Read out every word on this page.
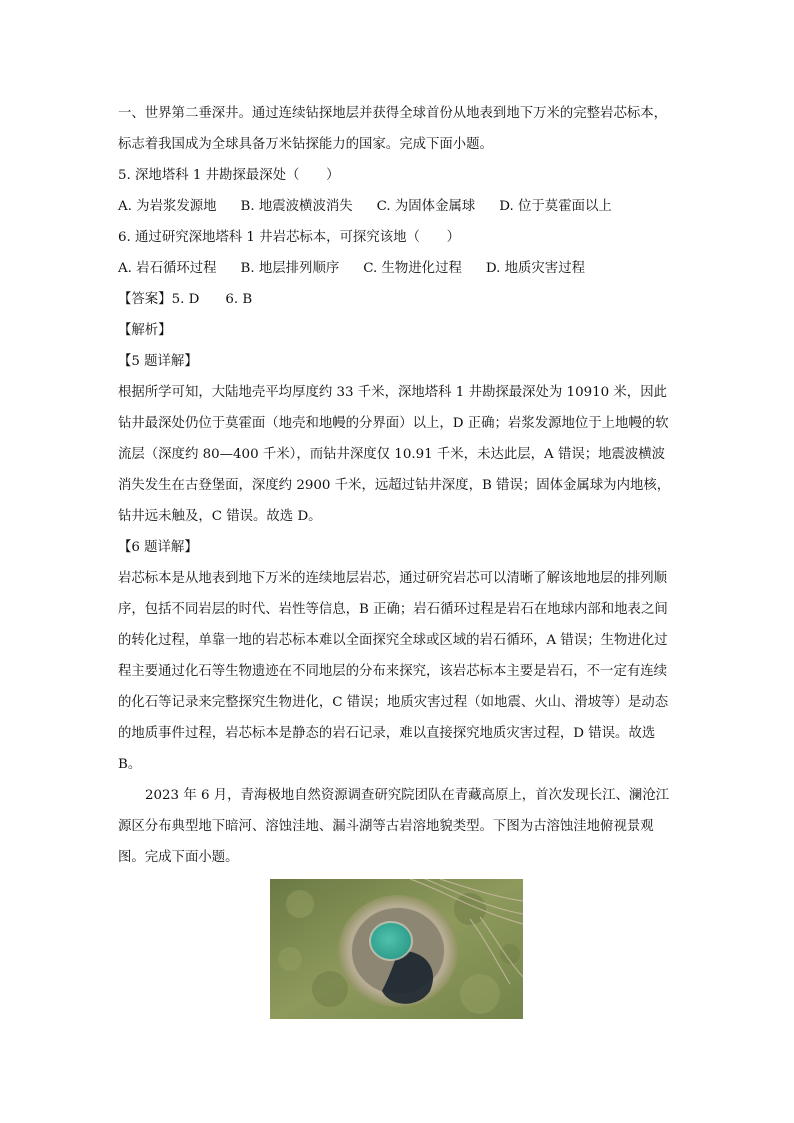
一、世界第二垂深井。通过连续钻探地层并获得全球首份从地表到地下万米的完整岩芯标本，标志着我国成为全球具备万米钻探能力的国家。完成下面小题。

5. 深地塔科 1 井勘探最深处（　　）

A. 为岩浆发源地 B. 地震波横波消失 C. 为固体金属球 D. 位于莫霍面以上

6. 通过研究深地塔科 1 井岩芯标本，可探究该地（　　）

A. 岩石循环过程 B. 地层排列顺序 C. 生物进化过程 D. 地质灾害过程

【答案】5. D 6. B

【解析】

【5 题详解】

根据所学可知，大陆地壳平均厚度约 33 千米，深地塔科 1 井勘探最深处为 10910 米，因此钻井最深处仍位于莫霍面（地壳和地幔的分界面）以上，D 正确；岩浆发源地位于上地幔的软流层（深度约 80—400 千米），而钻井深度仅 10.91 千米，未达此层，A 错误；地震波横波消失发生在古登堡面，深度约 2900 千米，远超过钻井深度，B 错误；固体金属球为内地核，钻井远未触及，C 错误。故选 D。

【6 题详解】

岩芯标本是从地表到地下万米的连续地层岩芯，通过研究岩芯可以清晰了解该地地层的排列顺序，包括不同岩层的时代、岩性等信息，B 正确；岩石循环过程是岩石在地球内部和地表之间的转化过程，单靠一地的岩芯标本难以全面探究全球或区域的岩石循环，A 错误；生物进化过程主要通过化石等生物遗迹在不同地层的分布来探究，该岩芯标本主要是岩石，不一定有连续的化石等记录来完整探究生物进化，C 错误；地质灾害过程（如地震、火山、滑坡等）是动态的地质事件过程，岩芯标本是静态的岩石记录，难以直接探究地质灾害过程，D 错误。故选 B。

2023 年 6 月，青海极地自然资源调查研究院团队在青藏高原上，首次发现长江、澜沧江源区分布典型地下暗河、溶蚀洼地、漏斗湖等古岩溶地貌类型。下图为古溶蚀洼地俯视景观图。完成下面小题。
